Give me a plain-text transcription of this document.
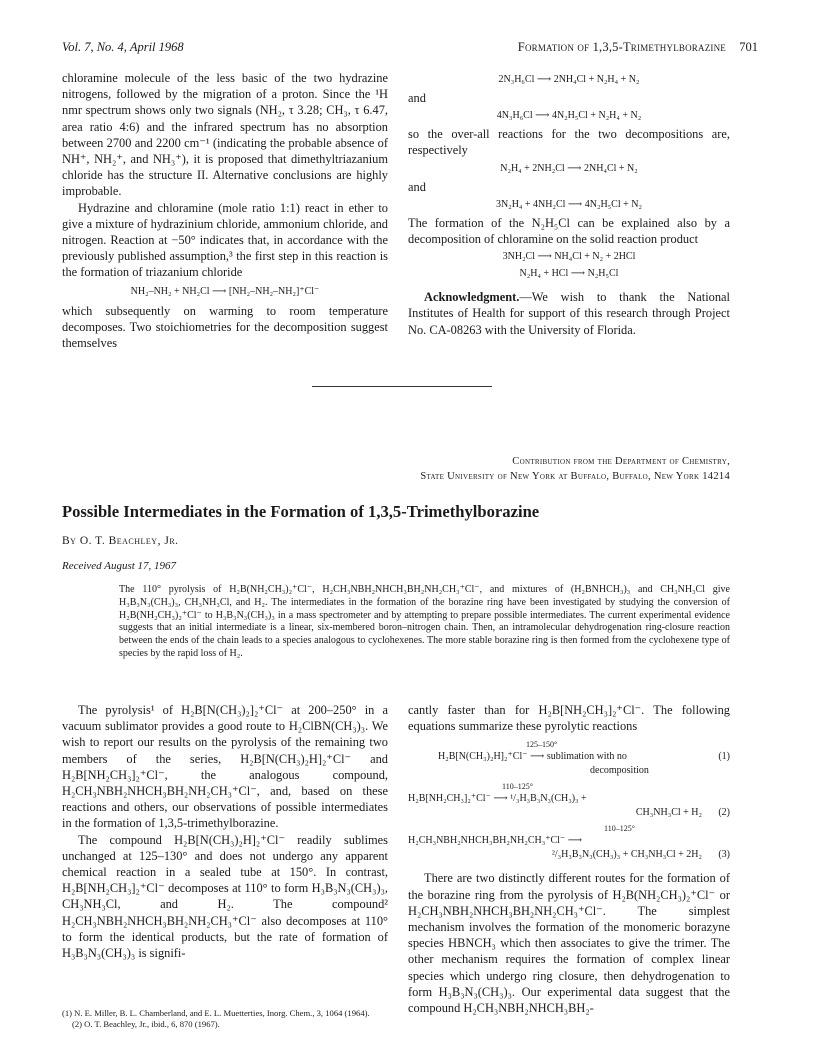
Vol. 7, No. 4, April 1968	Formation of 1,3,5-Trimethylborazine 701

chloramine molecule of the less basic of the two hydrazine nitrogens, followed by the migration of a proton. Since the ¹H nmr spectrum shows only two signals (NH₂, τ 3.28; CH₃, τ 6.47, area ratio 4:6) and the infrared spectrum has no absorption between 2700 and 2200 cm⁻¹ (indicating the probable absence of NH⁺, NH₂⁺, and NH₃⁺), it is proposed that dimethyltriazanium chloride has the structure II. Alternative conclusions are highly improbable.

Hydrazine and chloramine (mole ratio 1:1) react in ether to give a mixture of hydrazinium chloride, ammonium chloride, and nitrogen. Reaction at −50° indicates that, in accordance with the previously published assumption,³ the first step in this reaction is the formation of triazanium chloride

NH₂–NH₂ + NH₂Cl ⟶ [NH₂–NH₂–NH₂]⁺Cl⁻

which subsequently on warming to room temperature decomposes. Two stoichiometries for the decomposition suggest themselves

2N₃H₆Cl ⟶ 2NH₄Cl + N₂H₄ + N₂
and
4N₃H₆Cl ⟶ 4N₂H₅Cl + N₂H₄ + N₂

so the over-all reactions for the two decompositions are, respectively

N₂H₄ + 2NH₂Cl ⟶ 2NH₄Cl + N₂
and
3N₂H₄ + 4NH₂Cl ⟶ 4N₂H₅Cl + N₂

The formation of the N₂H₅Cl can be explained also by a decomposition of chloramine on the solid reaction product

3NH₂Cl ⟶ NH₄Cl + N₂ + 2HCl
N₂H₄ + HCl ⟶ N₂H₅Cl

Acknowledgment.—We wish to thank the National Institutes of Health for support of this research through Project No. CA-08263 with the University of Florida.

Contribution from the Department of Chemistry,
State University of New York at Buffalo, Buffalo, New York 14214
Possible Intermediates in the Formation of 1,3,5-Trimethylborazine
By O. T. Beachley, Jr.
Received August 17, 1967
The 110° pyrolysis of H₂B(NH₂CH₃)₂⁺Cl⁻, H₂CH₃NBH₂NHCH₃BH₂NH₂CH₃⁺Cl⁻, and mixtures of (H₂BNHCH₃)₃ and CH₃NH₃Cl give H₃B₃N₃(CH₃)₃, CH₃NH₃Cl, and H₂. The intermediates in the formation of the borazine ring have been investigated by studying the conversion of H₂B(NH₂CH₃)₂⁺Cl⁻ to H₃B₃N₃(CH₃)₃ in a mass spectrometer and by attempting to prepare possible intermediates. The current experimental evidence suggests that an initial intermediate is a linear, six-membered boron–nitrogen chain. Then, an intramolecular dehydrogenation ring-closure reaction between the ends of the chain leads to a species analogous to cyclohexenes. The more stable borazine ring is then formed from the cyclohexene type of species by the rapid loss of H₂.

The pyrolysis¹ of H₂B[N(CH₃)₂]₂⁺Cl⁻ at 200–250° in a vacuum sublimator provides a good route to H₂ClBN(CH₃)₃. We wish to report our results on the pyrolysis of the remaining two members of the series, H₂B[N(CH₃)₂H]₂⁺Cl⁻ and H₂B[NH₂CH₃]₂⁺Cl⁻, the analogous compound, H₂CH₃NBH₂NHCH₃BH₂NH₂CH₃⁺Cl⁻, and, based on these reactions and others, our observations of possible intermediates in the formation of 1,3,5-trimethylborazine.

The compound H₂B[N(CH₃)₂H]₂⁺Cl⁻ readily sublimes unchanged at 125–130° and does not undergo any apparent chemical reaction in a sealed tube at 150°. In contrast, H₂B[NH₂CH₃]₂⁺Cl⁻ decomposes at 110° to form H₃B₃N₃(CH₃)₃, CH₃NH₃Cl, and H₂. The compound² H₂CH₃NBH₂NHCH₃BH₂NH₂CH₃⁺Cl⁻ also decomposes at 110° to form the identical products, but the rate of formation of H₃B₃N₃(CH₃)₃ is signifi-

(1) N. E. Miller, B. L. Chamberland, and E. L. Muetterties, Inorg. Chem., 3, 1064 (1964).

(2) O. T. Beachley, Jr., ibid., 6, 870 (1967).

cantly faster than for H₂B[NH₂CH₃]₂⁺Cl⁻. The following equations summarize these pyrolytic reactions

125–150°
H₂B[N(CH₃)₂H]₂⁺Cl⁻ ⟶ sublimation with no	(1)
decomposition
110–125°
H₂B[NH₂CH₃]₂⁺Cl⁻ ⟶ ¹/₃H₃B₃N₃(CH₃)₃ +
CH₃NH₃Cl + H₂ (2)
110–125°
H₂CH₃NBH₂NHCH₃BH₂NH₂CH₃⁺Cl⁻ ⟶
²/₃H₃B₃N₃(CH₃)₃ + CH₃NH₃Cl + 2H₂ (3)

There are two distinctly different routes for the formation of the borazine ring from the pyrolysis of H₂B(NH₂CH₃)₂⁺Cl⁻ or H₂CH₃NBH₂NHCH₃BH₂NH₂CH₃⁺Cl⁻. The simplest mechanism involves the formation of the monomeric borazyne species HBNCH₃ which then associates to give the trimer. The other mechanism requires the formation of complex linear species which undergo ring closure, then dehydrogenation to form H₃B₃N₃(CH₃)₃. Our experimental data suggest that the compound H₂CH₃NBH₂NHCH₃BH₂-
